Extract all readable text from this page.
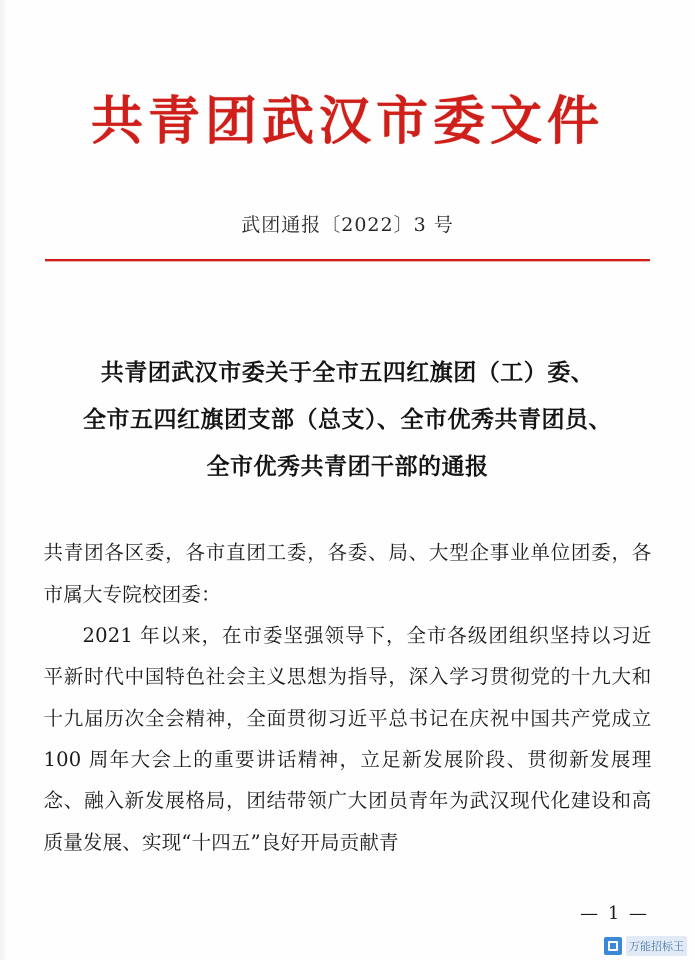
共青团武汉市委文件
武团通报〔2022〕3 号
共青团武汉市委关于全市五四红旗团（工）委、
全市五四红旗团支部（总支）、全市优秀共青团员、
全市优秀共青团干部的通报

共青团各区委，各市直团工委，各委、局、大型企事业单位团委，各市属大专院校团委：

2021 年以来，在市委坚强领导下，全市各级团组织坚持以习近平新时代中国特色社会主义思想为指导，深入学习贯彻党的十九大和十九届历次全会精神，全面贯彻习近平总书记在庆祝中国共产党成立 100 周年大会上的重要讲话精神，立足新发展阶段、贯彻新发展理念、融入新发展格局，团结带领广大团员青年为武汉现代化建设和高质量发展、实现“十四五”良好开局贡献青

— 1 —
万能招标王
